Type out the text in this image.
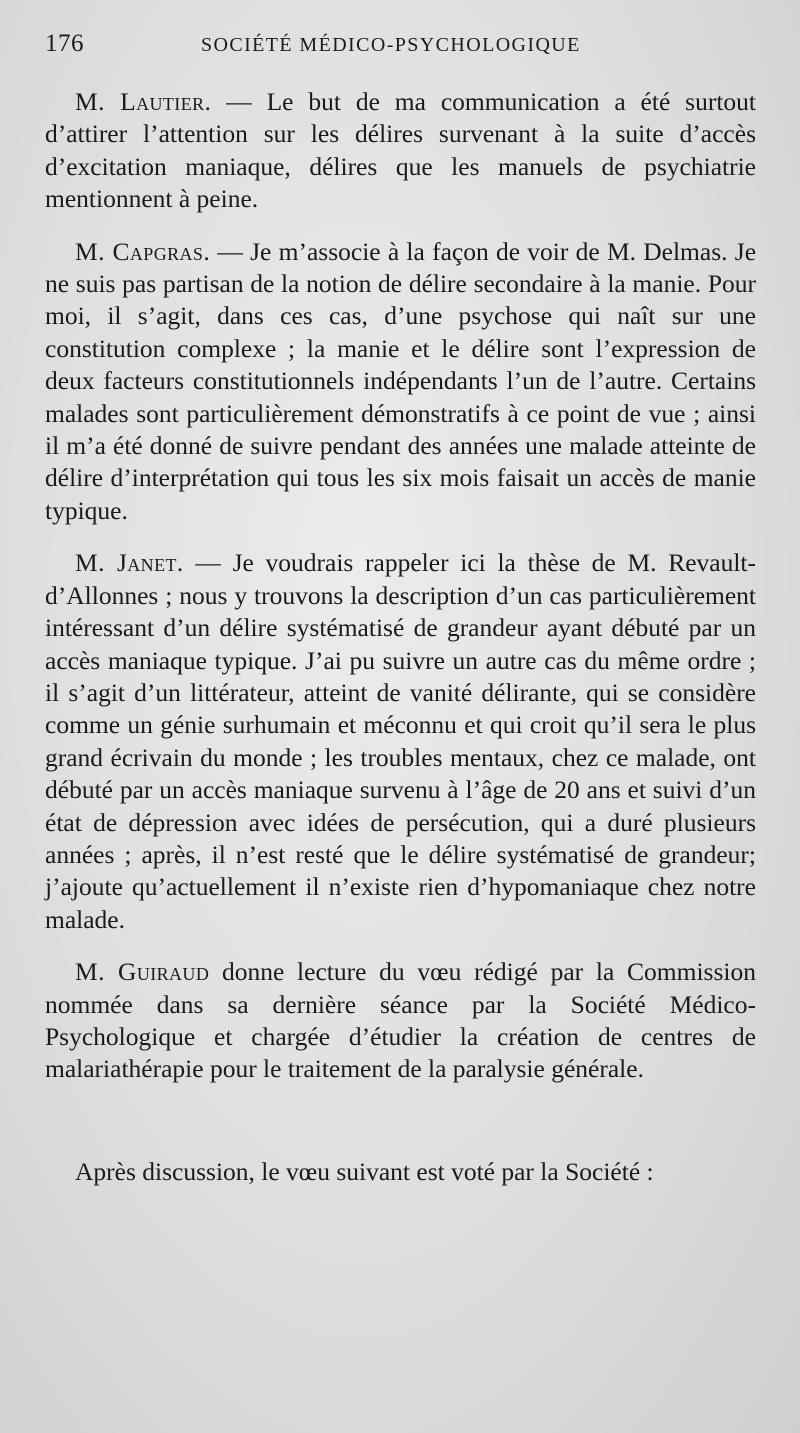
176	SOCIÉTÉ MÉDICO-PSYCHOLOGIQUE

M. Lautier. — Le but de ma communication a été surtout d’attirer l’attention sur les délires survenant à la suite d’accès d’excitation maniaque, délires que les manuels de psychiatrie mentionnent à peine.

M. Capgras. — Je m’associe à la façon de voir de M. Delmas. Je ne suis pas partisan de la notion de délire secondaire à la manie. Pour moi, il s’agit, dans ces cas, d’une psychose qui naît sur une constitution complexe ; la manie et le délire sont l’expression de deux facteurs constitutionnels indépendants l’un de l’autre. Certains malades sont particulièrement démonstratifs à ce point de vue ; ainsi il m’a été donné de suivre pendant des années une malade atteinte de délire d’interprétation qui tous les six mois faisait un accès de manie typique.

M. Janet. — Je voudrais rappeler ici la thèse de M. Revault-d’Allonnes ; nous y trouvons la description d’un cas particulièrement intéressant d’un délire systématisé de grandeur ayant débuté par un accès maniaque typique. J’ai pu suivre un autre cas du même ordre ; il s’agit d’un littérateur, atteint de vanité délirante, qui se considère comme un génie surhumain et méconnu et qui croit qu’il sera le plus grand écrivain du monde ; les troubles mentaux, chez ce malade, ont débuté par un accès maniaque survenu à l’âge de 20 ans et suivi d’un état de dépression avec idées de persécution, qui a duré plusieurs années ; après, il n’est resté que le délire systématisé de grandeur; j’ajoute qu’actuellement il n’existe rien d’hypomaniaque chez notre malade.

M. Guiraud donne lecture du vœu rédigé par la Commission nommée dans sa dernière séance par la Société Médico-Psychologique et chargée d’étudier la création de centres de malariathérapie pour le traitement de la paralysie générale.

Après discussion, le vœu suivant est voté par la Société :
